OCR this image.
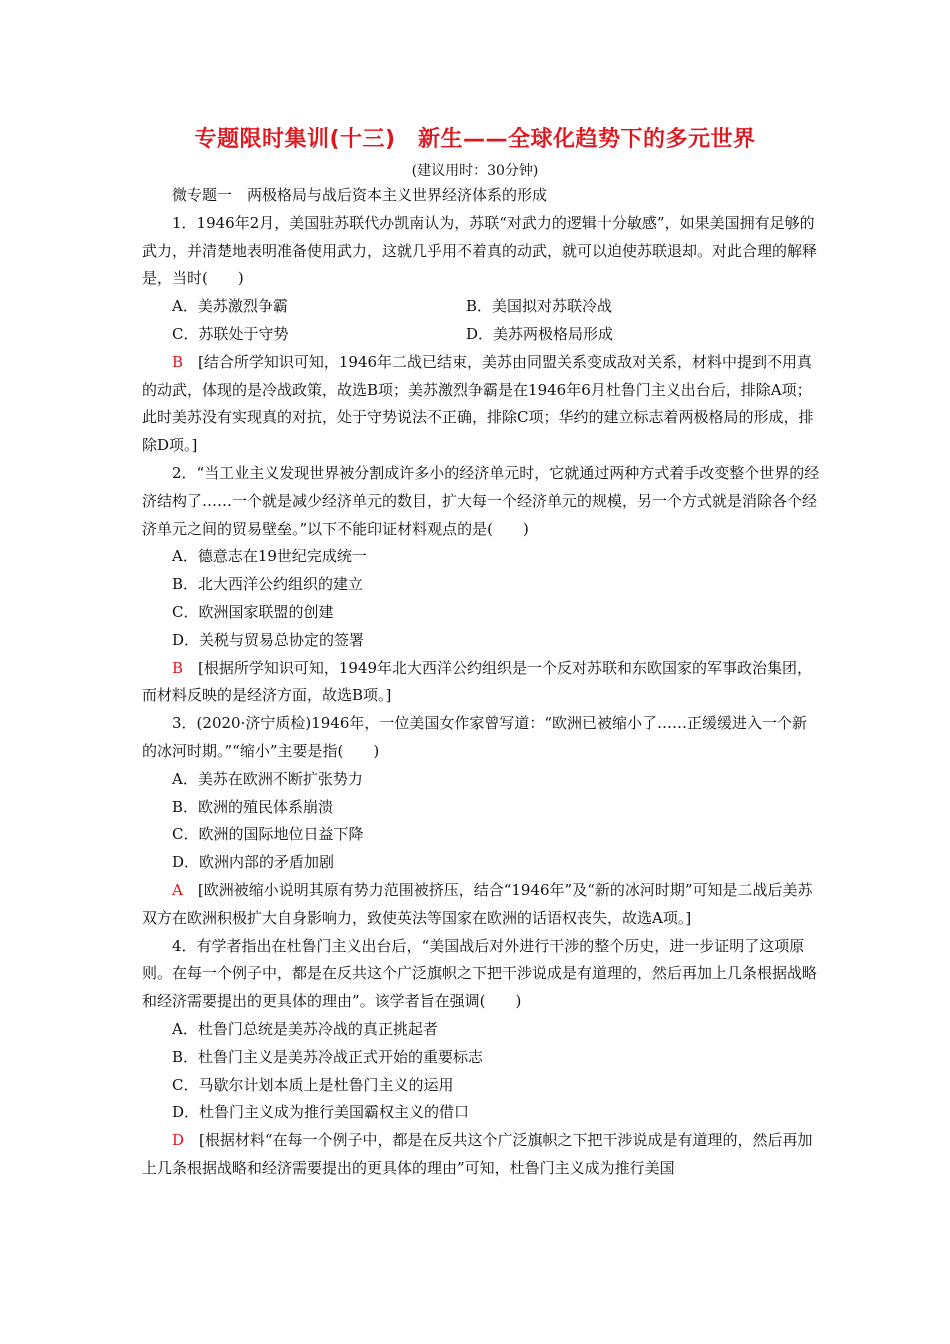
专题限时集训(十三)　新生——全球化趋势下的多元世界
(建议用时：30分钟)

微专题一　两极格局与战后资本主义世界经济体系的形成

1．1946年2月，美国驻苏联代办凯南认为，苏联“对武力的逻辑十分敏感”，如果美国拥有足够的武力，并清楚地表明准备使用武力，这就几乎用不着真的动武，就可以迫使苏联退却。对此合理的解释是，当时(　　)

A．美苏激烈争霸	B．美国拟对苏联冷战
C．苏联处于守势	D．美苏两极格局形成

B　[结合所学知识可知，1946年二战已结束，美苏由同盟关系变成敌对关系，材料中提到不用真的动武，体现的是冷战政策，故选B项；美苏激烈争霸是在1946年6月杜鲁门主义出台后，排除A项；此时美苏没有实现真的对抗，处于守势说法不正确，排除C项；华约的建立标志着两极格局的形成，排除D项。]

2．“当工业主义发现世界被分割成许多小的经济单元时，它就通过两种方式着手改变整个世界的经济结构了……一个就是减少经济单元的数目，扩大每一个经济单元的规模，另一个方式就是消除各个经济单元之间的贸易壁垒。”以下不能印证材料观点的是(　　)

A．德意志在19世纪完成统一

B．北大西洋公约组织的建立

C．欧洲国家联盟的创建

D．关税与贸易总协定的签署

B　[根据所学知识可知，1949年北大西洋公约组织是一个反对苏联和东欧国家的军事政治集团，而材料反映的是经济方面，故选B项。]

3．(2020·济宁质检)1946年，一位美国女作家曾写道：“欧洲已被缩小了……正缓缓进入一个新的冰河时期。”“缩小”主要是指(　　)

A．美苏在欧洲不断扩张势力

B．欧洲的殖民体系崩溃

C．欧洲的国际地位日益下降

D．欧洲内部的矛盾加剧

A　[欧洲被缩小说明其原有势力范围被挤压，结合“1946年”及“新的冰河时期”可知是二战后美苏双方在欧洲积极扩大自身影响力，致使英法等国家在欧洲的话语权丧失，故选A项。]

4．有学者指出在杜鲁门主义出台后，“美国战后对外进行干涉的整个历史，进一步证明了这项原则。在每一个例子中，都是在反共这个广泛旗帜之下把干涉说成是有道理的，然后再加上几条根据战略和经济需要提出的更具体的理由”。该学者旨在强调(　　)

A．杜鲁门总统是美苏冷战的真正挑起者

B．杜鲁门主义是美苏冷战正式开始的重要标志

C．马歇尔计划本质上是杜鲁门主义的运用

D．杜鲁门主义成为推行美国霸权主义的借口

D　[根据材料“在每一个例子中，都是在反共这个广泛旗帜之下把干涉说成是有道理的，然后再加上几条根据战略和经济需要提出的更具体的理由”可知，杜鲁门主义成为推行美国
